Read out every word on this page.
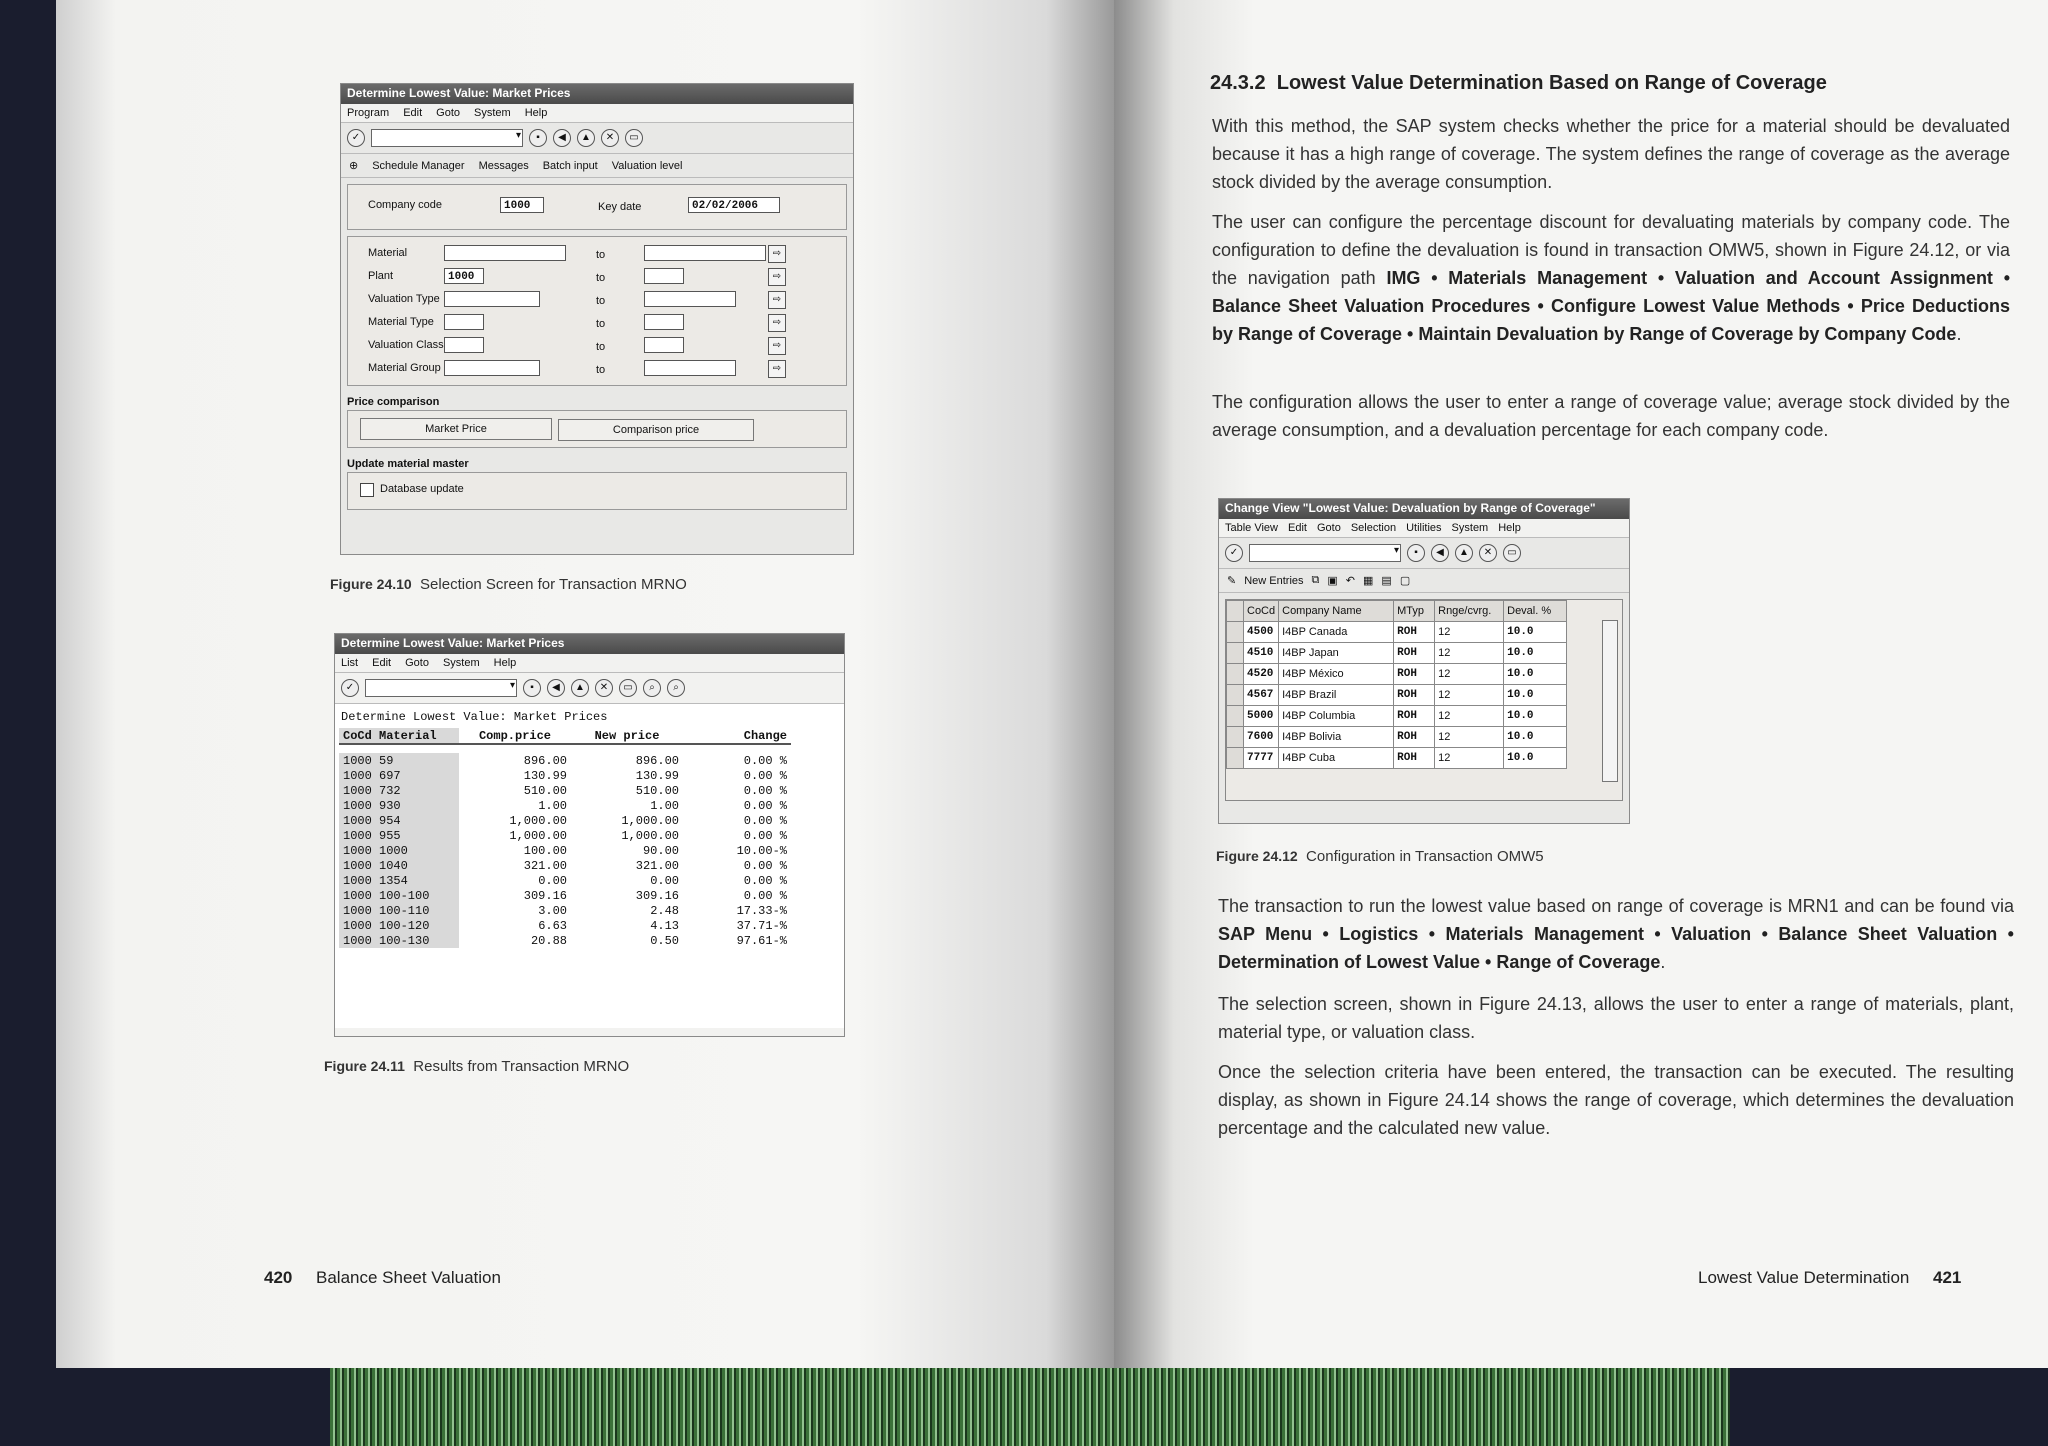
Determine Lowest Value: Market Prices
Program Edit Goto System Help
✓ ▾	▪	◀	▲	✕	▭
⊕ Schedule Manager Messages Batch input Valuation level
Company code	1000	Key date	02/02/2006
Material	to	⇨
Plant	1000	to	⇨
Valuation Type	to	⇨
Material Type	to	⇨
Valuation Class	to	⇨
Material Group	to	⇨
Price comparison
Market Price	Comparison price
Update material master
Database update
Figure 24.10 Selection Screen for Transaction MRNO
Determine Lowest Value: Market Prices
List Edit Goto System Help
✓ ▾	▪	◀	▲	✕	▭	⌕	⌕
Determine Lowest Value: Market Prices
CoCd Material	Comp.price	New price	Change

1000 59	896.00	896.00	0.00 %
1000 697	130.99	130.99	0.00 %
1000 732	510.00	510.00	0.00 %
1000 930	1.00	1.00	0.00 %
1000 954	1,000.00	1,000.00	0.00 %
1000 955	1,000.00	1,000.00	0.00 %
1000 1000	100.00	90.00	10.00-%
1000 1040	321.00	321.00	0.00 %
1000 1354	0.00	0.00	0.00 %
1000 100-100	309.16	309.16	0.00 %
1000 100-110	3.00	2.48	17.33-%
1000 100-120	6.63	4.13	37.71-%
1000 100-130	20.88	0.50	97.61-%
Figure 24.11 Results from Transaction MRNO
420 Balance Sheet Valuation
24.3.2 Lowest Value Determination Based on Range of Coverage

With this method, the SAP system checks whether the price for a material should be devaluated because it has a high range of coverage. The system defines the range of coverage as the average stock divided by the average consumption.

The user can configure the percentage discount for devaluating materials by company code. The configuration to define the devaluation is found in transaction OMW5, shown in Figure 24.12, or via the navigation path IMG • Materials Management • Valuation and Account Assignment • Balance Sheet Valuation Procedures • Configure Lowest Value Methods • Price Deductions by Range of Coverage • Maintain Devaluation by Range of Coverage by Company Code.

The configuration allows the user to enter a range of coverage value; average stock divided by the average consumption, and a devaluation percentage for each company code.

Change View "Lowest Value: Devaluation by Range of Coverage"
Table View Edit Goto Selection Utilities System Help
✓ ▾	▪	◀	▲	✕	▭
✎ New Entries ⧉ ▣ ↶ ▦ ▤ ▢
	CoCd	Company Name	MTyp	Rnge/cvrg.	Deval. %
	4500	I4BP Canada	ROH	12	10.0
	4510	I4BP Japan	ROH	12	10.0
	4520	I4BP México	ROH	12	10.0
	4567	I4BP Brazil	ROH	12	10.0
	5000	I4BP Columbia	ROH	12	10.0
	7600	I4BP Bolivia	ROH	12	10.0
	7777	I4BP Cuba	ROH	12	10.0
Figure 24.12 Configuration in Transaction OMW5

The transaction to run the lowest value based on range of coverage is MRN1 and can be found via SAP Menu • Logistics • Materials Management • Valuation • Balance Sheet Valuation • Determination of Lowest Value • Range of Coverage.

The selection screen, shown in Figure 24.13, allows the user to enter a range of materials, plant, material type, or valuation class.

Once the selection criteria have been entered, the transaction can be executed. The resulting display, as shown in Figure 24.14 shows the range of coverage, which determines the devaluation percentage and the calculated new value.

Lowest Value Determination 421
